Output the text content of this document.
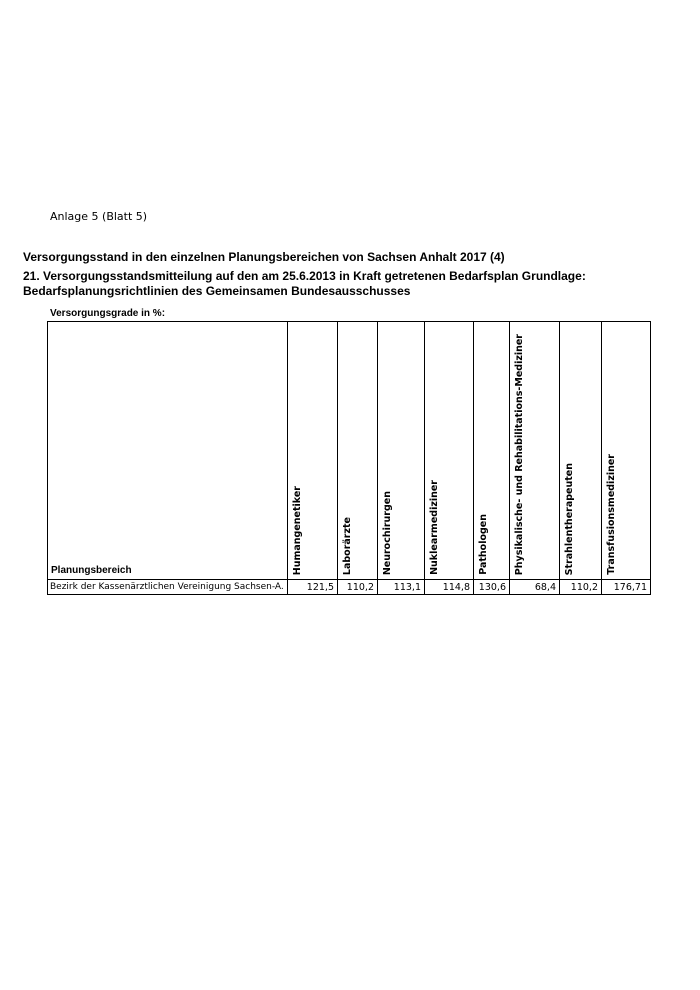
Anlage 5 (Blatt 5)
Versorgungsstand in den einzelnen Planungsbereichen von Sachsen Anhalt 2017 (4)
21. Versorgungsstandsmitteilung auf den am 25.6.2013 in Kraft getretenen Bedarfsplan Grundlage:
Bedarfsplanungsrichtlinien des Gemeinsamen Bundesausschusses
Versorgungsgrade in %:
Planungsbereich	Humangenetiker	Laborärzte	Neurochirurgen	Nuklearmediziner	Pathologen	Physikalische- und Rehabilitations-Mediziner	Strahlentherapeuten	Transfusionsmediziner

Bezirk der Kassenärztlichen Vereinigung Sachsen-A.	121,5	110,2	113,1	114,8	130,6	68,4	110,2	176,71
